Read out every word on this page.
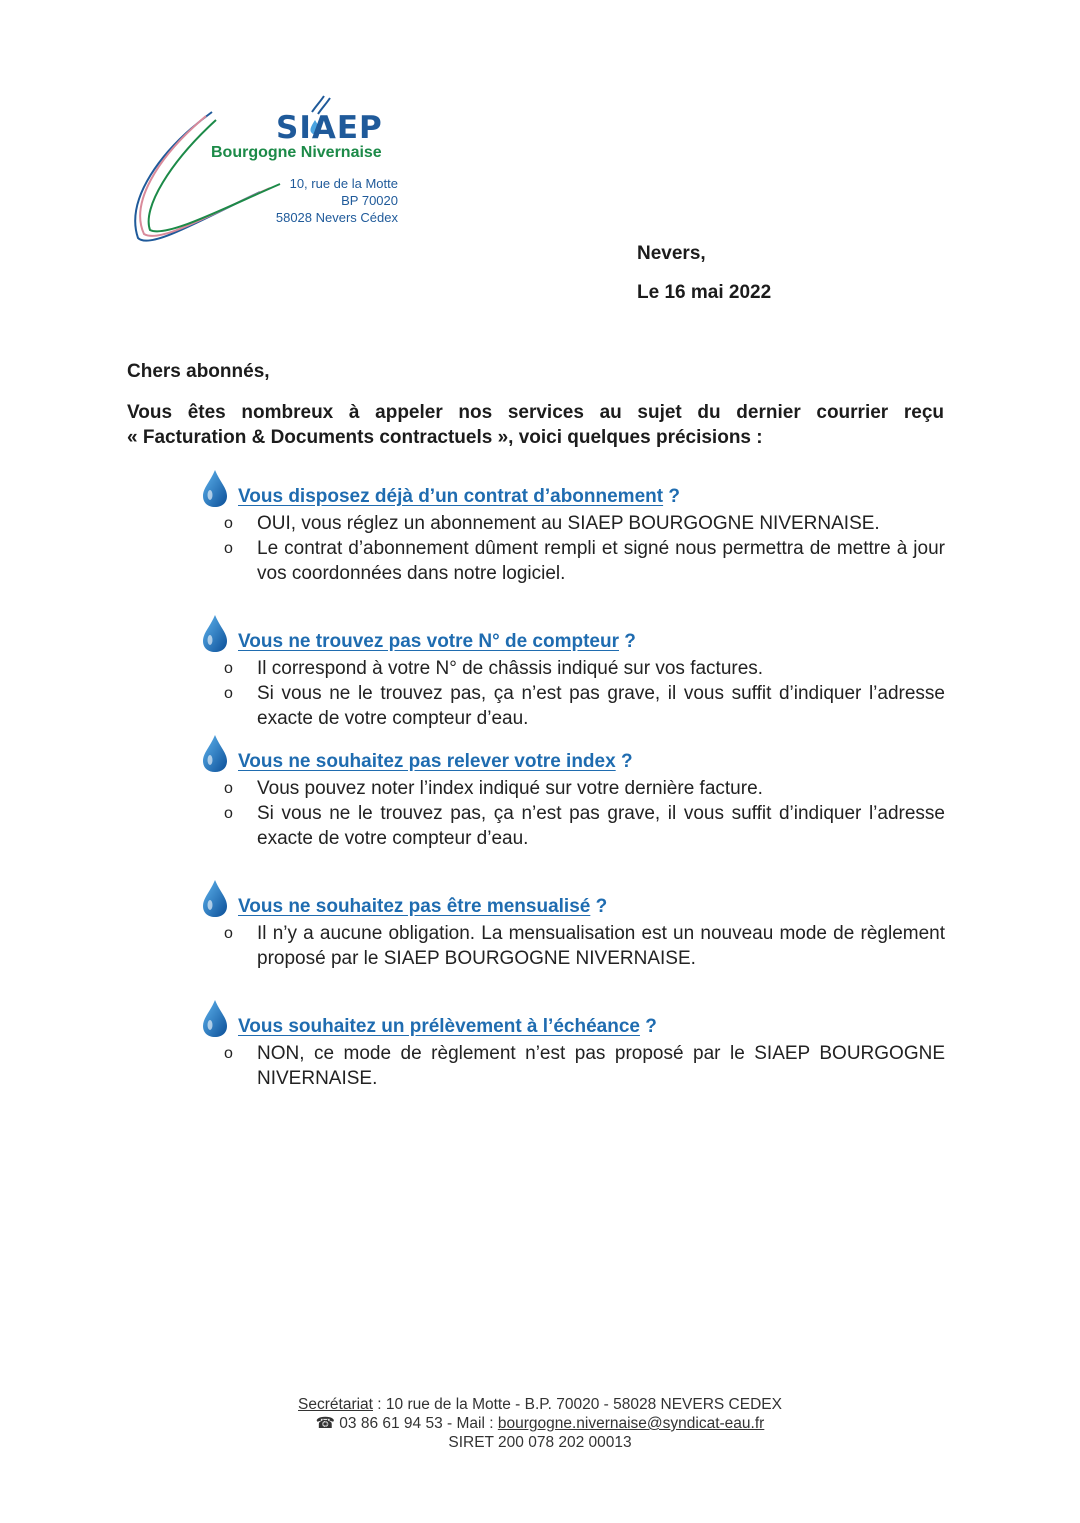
SIAEP
Bourgogne Nivernaise
10, rue de la Motte
BP 70020
58028 Nevers Cédex
Nevers,
Le 16 mai 2022
Chers abonnés,
Vous êtes nombreux à appeler nos services au sujet du dernier courrier reçu
« Facturation & Documents contractuels », voici quelques précisions :
Vous disposez déjà d’un contrat d’abonnement ?
o OUI, vous réglez un abonnement au SIAEP BOURGOGNE NIVERNAISE.
o Le contrat d’abonnement dûment rempli et signé nous permettra de mettre à jour vos coordonnées dans notre logiciel.
Vous ne trouvez pas votre N° de compteur ?
o Il correspond à votre N° de châssis indiqué sur vos factures.
o Si vous ne le trouvez pas, ça n’est pas grave, il vous suffit d’indiquer l’adresse exacte de votre compteur d’eau.
Vous ne souhaitez pas relever votre index ?
o Vous pouvez noter l’index indiqué sur votre dernière facture.
o Si vous ne le trouvez pas, ça n’est pas grave, il vous suffit d’indiquer l’adresse exacte de votre compteur d’eau.
Vous ne souhaitez pas être mensualisé ?
o Il n’y a aucune obligation. La mensualisation est un nouveau mode de règlement proposé par le SIAEP BOURGOGNE NIVERNAISE.
Vous souhaitez un prélèvement à l’échéance ?
o NON, ce mode de règlement n’est pas proposé par le SIAEP BOURGOGNE NIVERNAISE.
Secrétariat : 10 rue de la Motte - B.P. 70020 - 58028 NEVERS CEDEX
☎ 03 86 61 94 53 - Mail : bourgogne.nivernaise@syndicat-eau.fr
SIRET 200 078 202 00013
